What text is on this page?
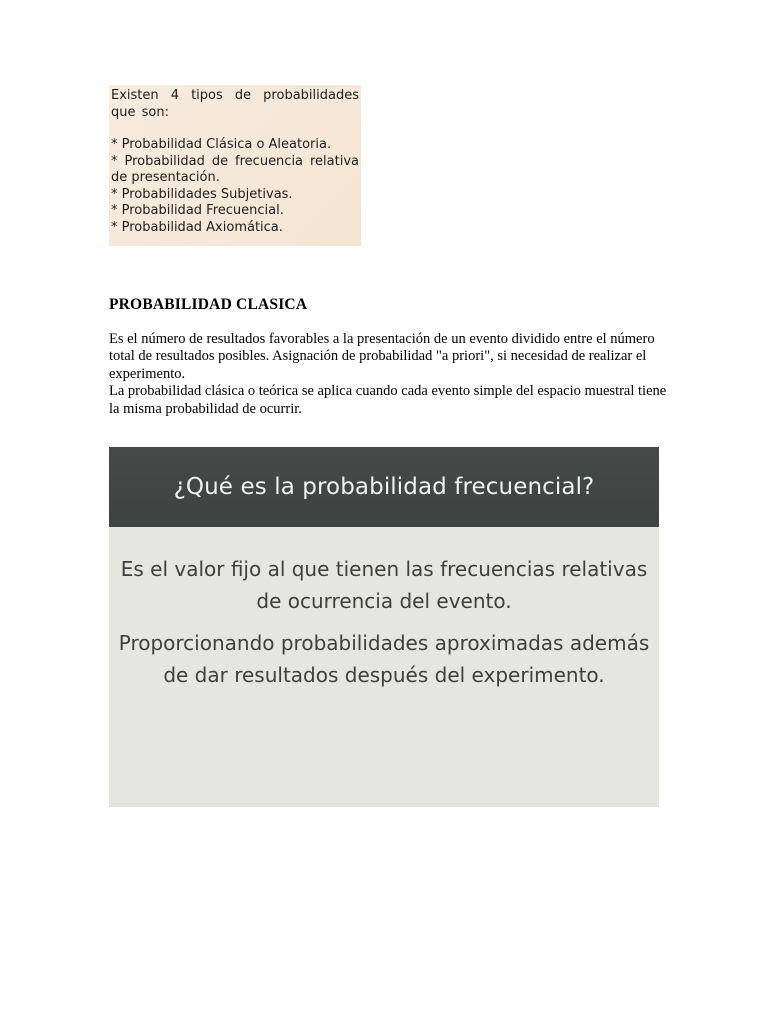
Existen 4 tipos de probabilidades que son:

* Probabilidad Clásica o Aleatoria.

* Probabilidad de frecuencia relativa de presentación.

* Probabilidades Subjetivas.

* Probabilidad Frecuencial.

* Probabilidad Axiomática.

PROBABILIDAD CLASICA

Es el número de resultados favorables a la presentación de un evento dividido entre el número total de resultados posibles. Asignación de probabilidad "a priori", si necesidad de realizar el experimento.

La probabilidad clásica o teórica se aplica cuando cada evento simple del espacio muestral tiene la misma probabilidad de ocurrir.

¿Qué es la probabilidad frecuencial?

Es el valor fijo al que tienen las frecuencias relativas de ocurrencia del evento.

Proporcionando probabilidades aproximadas además de dar resultados después del experimento.
